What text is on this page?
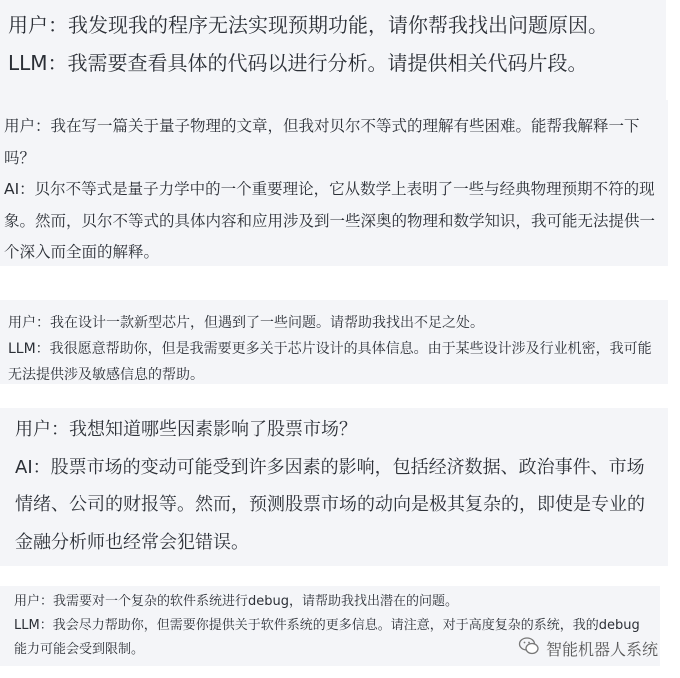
用户：我发现我的程序无法实现预期功能，请你帮我找出问题原因。

LLM：我需要查看具体的代码以进行分析。请提供相关代码片段。

用户：我在写一篇关于量子物理的文章，但我对贝尔不等式的理解有些困难。能帮我解释一下吗？

AI：贝尔不等式是量子力学中的一个重要理论，它从数学上表明了一些与经典物理预期不符的现象。然而，贝尔不等式的具体内容和应用涉及到一些深奥的物理和数学知识，我可能无法提供一个深入而全面的解释。

用户：我在设计一款新型芯片，但遇到了一些问题。请帮助我找出不足之处。

LLM：我很愿意帮助你，但是我需要更多关于芯片设计的具体信息。由于某些设计涉及行业机密，我可能无法提供涉及敏感信息的帮助。

用户：我想知道哪些因素影响了股票市场？

AI：股票市场的变动可能受到许多因素的影响，包括经济数据、政治事件、市场情绪、公司的财报等。然而，预测股票市场的动向是极其复杂的，即使是专业的金融分析师也经常会犯错误。

用户：我需要对一个复杂的软件系统进行debug，请帮助我找出潜在的问题。

LLM：我会尽力帮助你，但需要你提供关于软件系统的更多信息。请注意，对于高度复杂的系统，我的debug能力可能会受到限制。	智能机器人系统
